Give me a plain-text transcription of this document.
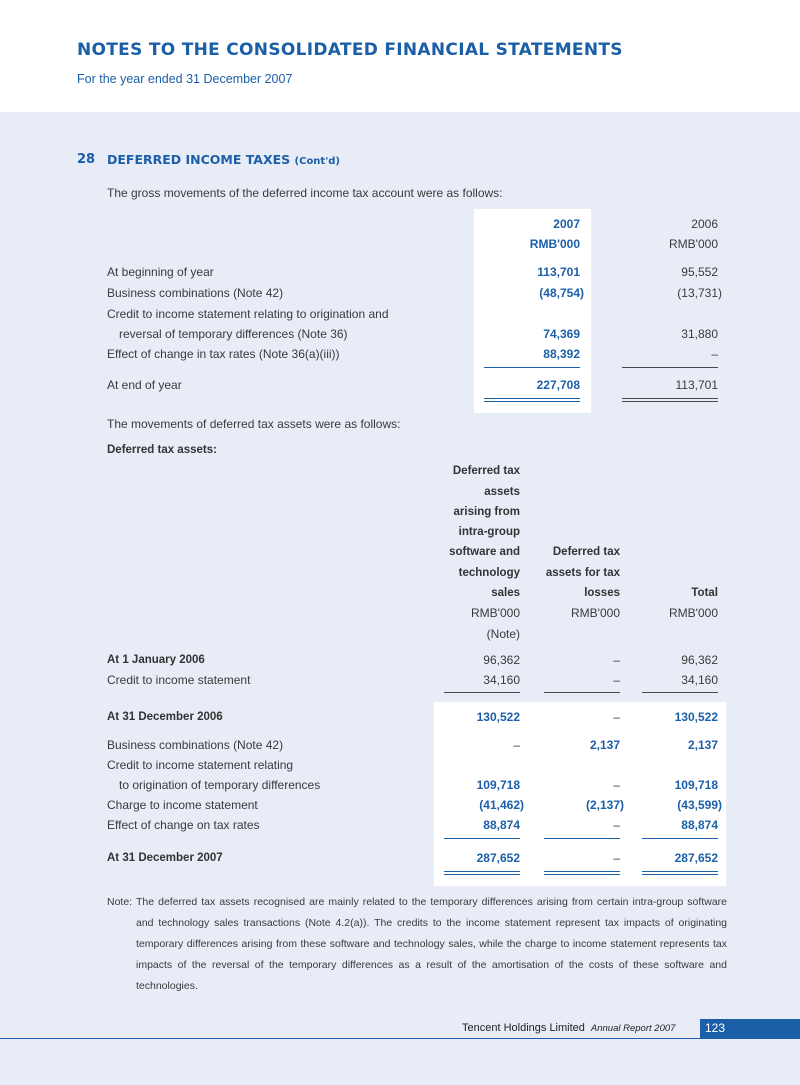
NOTES TO THE CONSOLIDATED FINANCIAL STATEMENTS
For the year ended 31 December 2007
28 DEFERRED INCOME TAXES (Cont'd)
The gross movements of the deferred income tax account were as follows:
2007	2006
RMB'000	RMB'000
At beginning of year	113,701	95,552
Business combinations (Note 42)	(48,754)	(13,731)
Credit to income statement relating to origination and
reversal of temporary differences (Note 36)	74,369	31,880
Effect of change in tax rates (Note 36(a)(iii))	88,392	–
At end of year	227,708	113,701
The movements of deferred tax assets were as follows:
Deferred tax assets:
Deferred tax
assets
arising from
intra-group
software and
technology
sales
Deferred tax
assets for tax
losses	Total
RMB'000	RMB'000	RMB'000
(Note)
At 1 January 2006	96,362	–	96,362
Credit to income statement	34,160	–	34,160
At 31 December 2006	130,522	–	130,522
Business combinations (Note 42)	–	2,137	2,137
Credit to income statement relating
to origination of temporary differences	109,718	–	109,718
Charge to income statement	(41,462)	(2,137)	(43,599)
Effect of change on tax rates	88,874	–	88,874
At 31 December 2007	287,652	–	287,652
Note: The deferred tax assets recognised are mainly related to the temporary differences arising from certain intra-group software and technology sales transactions (Note 4.2(a)). The credits to the income statement represent tax impacts of originating temporary differences arising from these software and technology sales, while the charge to income statement represents tax impacts of the reversal of the temporary differences as a result of the amortisation of the costs of these software and technologies.
Tencent Holdings Limited Annual Report 2007 123
